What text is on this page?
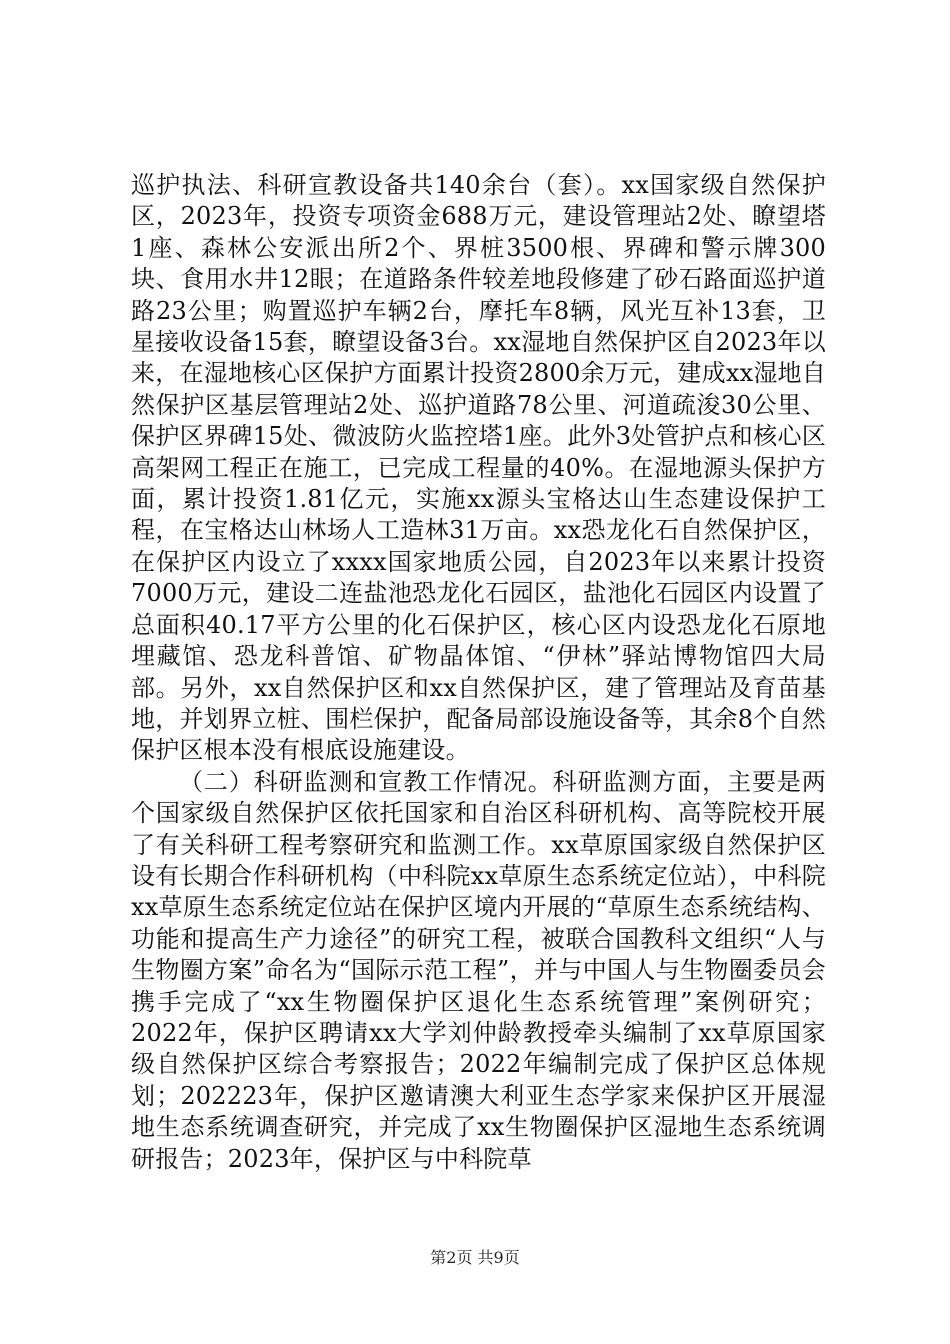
巡护执法、科研宣教设备共140余台（套）。xx国家级自然保护区，2023年，投资专项资金688万元，建设管理站2处、瞭望塔1座、森林公安派出所2个、界桩3500根、界碑和警示牌300块、食用水井12眼；在道路条件较差地段修建了砂石路面巡护道路23公里；购置巡护车辆2台，摩托车8辆，风光互补13套，卫星接收设备15套，瞭望设备3台。xx湿地自然保护区自2023年以来，在湿地核心区保护方面累计投资2800余万元，建成xx湿地自然保护区基层管理站2处、巡护道路78公里、河道疏浚30公里、保护区界碑15处、微波防火监控塔1座。此外3处管护点和核心区高架网工程正在施工，已完成工程量的40%。在湿地源头保护方面，累计投资1.81亿元，实施xx源头宝格达山生态建设保护工程，在宝格达山林场人工造林31万亩。xx恐龙化石自然保护区，在保护区内设立了xxxx国家地质公园，自2023年以来累计投资7000万元，建设二连盐池恐龙化石园区，盐池化石园区内设置了总面积40.17平方公里的化石保护区，核心区内设恐龙化石原地埋藏馆、恐龙科普馆、矿物晶体馆、“伊林”驿站博物馆四大局部。另外，xx自然保护区和xx自然保护区，建了管理站及育苗基地，并划界立桩、围栏保护，配备局部设施设备等，其余8个自然保护区根本没有根底设施建设。

（二）科研监测和宣教工作情况。科研监测方面，主要是两个国家级自然保护区依托国家和自治区科研机构、高等院校开展了有关科研工程考察研究和监测工作。xx草原国家级自然保护区设有长期合作科研机构（中科院xx草原生态系统定位站），中科院xx草原生态系统定位站在保护区境内开展的“草原生态系统结构、功能和提高生产力途径”的研究工程，被联合国教科文组织“人与生物圈方案”命名为“国际示范工程”，并与中国人与生物圈委员会携手完成了“xx生物圈保护区退化生态系统管理”案例研究；2022年，保护区聘请xx大学刘仲龄教授牵头编制了xx草原国家级自然保护区综合考察报告；2022年编制完成了保护区总体规划；202223年，保护区邀请澳大利亚生态学家来保护区开展湿地生态系统调查研究，并完成了xx生物圈保护区湿地生态系统调研报告；2023年，保护区与中科院草

第2页 共9页
